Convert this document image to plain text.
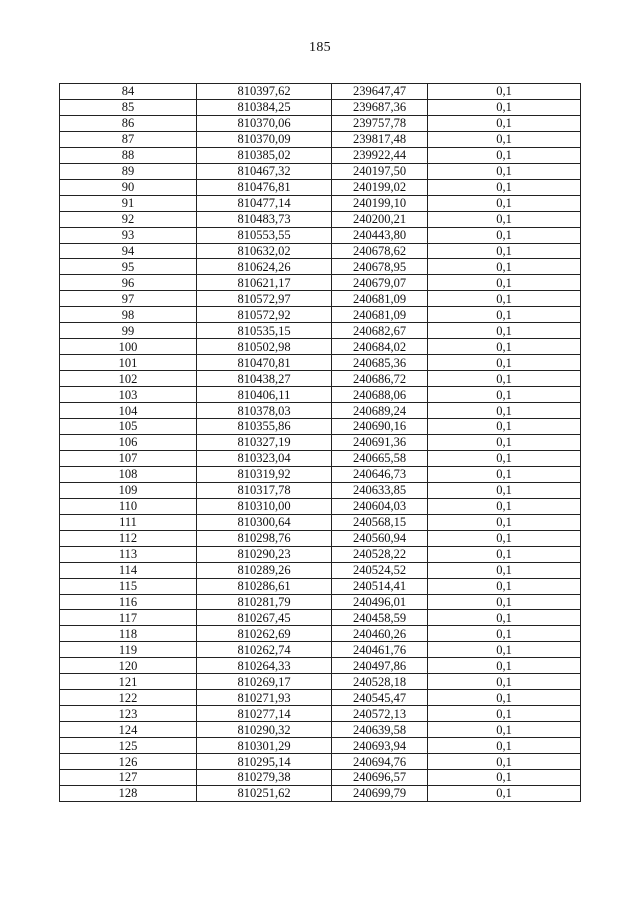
185
84	810397,62	239647,47	0,1
85	810384,25	239687,36	0,1
86	810370,06	239757,78	0,1
87	810370,09	239817,48	0,1
88	810385,02	239922,44	0,1
89	810467,32	240197,50	0,1
90	810476,81	240199,02	0,1
91	810477,14	240199,10	0,1
92	810483,73	240200,21	0,1
93	810553,55	240443,80	0,1
94	810632,02	240678,62	0,1
95	810624,26	240678,95	0,1
96	810621,17	240679,07	0,1
97	810572,97	240681,09	0,1
98	810572,92	240681,09	0,1
99	810535,15	240682,67	0,1
100	810502,98	240684,02	0,1
101	810470,81	240685,36	0,1
102	810438,27	240686,72	0,1
103	810406,11	240688,06	0,1
104	810378,03	240689,24	0,1
105	810355,86	240690,16	0,1
106	810327,19	240691,36	0,1
107	810323,04	240665,58	0,1
108	810319,92	240646,73	0,1
109	810317,78	240633,85	0,1
110	810310,00	240604,03	0,1
111	810300,64	240568,15	0,1
112	810298,76	240560,94	0,1
113	810290,23	240528,22	0,1
114	810289,26	240524,52	0,1
115	810286,61	240514,41	0,1
116	810281,79	240496,01	0,1
117	810267,45	240458,59	0,1
118	810262,69	240460,26	0,1
119	810262,74	240461,76	0,1
120	810264,33	240497,86	0,1
121	810269,17	240528,18	0,1
122	810271,93	240545,47	0,1
123	810277,14	240572,13	0,1
124	810290,32	240639,58	0,1
125	810301,29	240693,94	0,1
126	810295,14	240694,76	0,1
127	810279,38	240696,57	0,1
128	810251,62	240699,79	0,1
